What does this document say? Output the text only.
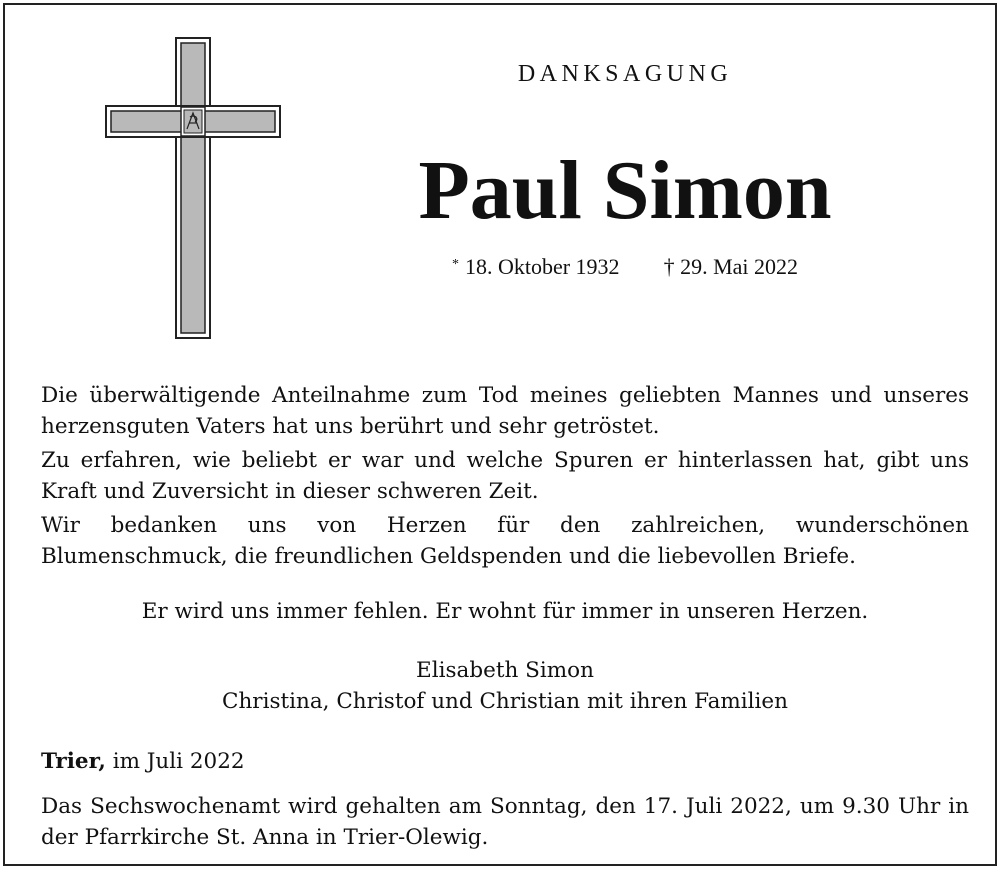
DANKSAGUNG
Paul Simon
* 18. Oktober 1932 † 29. Mai 2022

Die überwältigende Anteilnahme zum Tod meines geliebten Mannes und unseres herzensguten Vaters hat uns berührt und sehr getröstet.

Zu erfahren, wie beliebt er war und welche Spuren er hinterlassen hat, gibt uns Kraft und Zuversicht in dieser schweren Zeit.

Wir bedanken uns von Herzen für den zahlreichen, wunderschönen Blumenschmuck, die freundlichen Geldspenden und die liebevollen Briefe.

Er wird uns immer fehlen. Er wohnt für immer in unseren Herzen.
Elisabeth Simon
Christina, Christof und Christian mit ihren Familien
Trier, im Juli 2022

Das Sechswochenamt wird gehalten am Sonntag, den 17. Juli 2022, um 9.30 Uhr in der Pfarrkirche St. Anna in Trier-Olewig.
